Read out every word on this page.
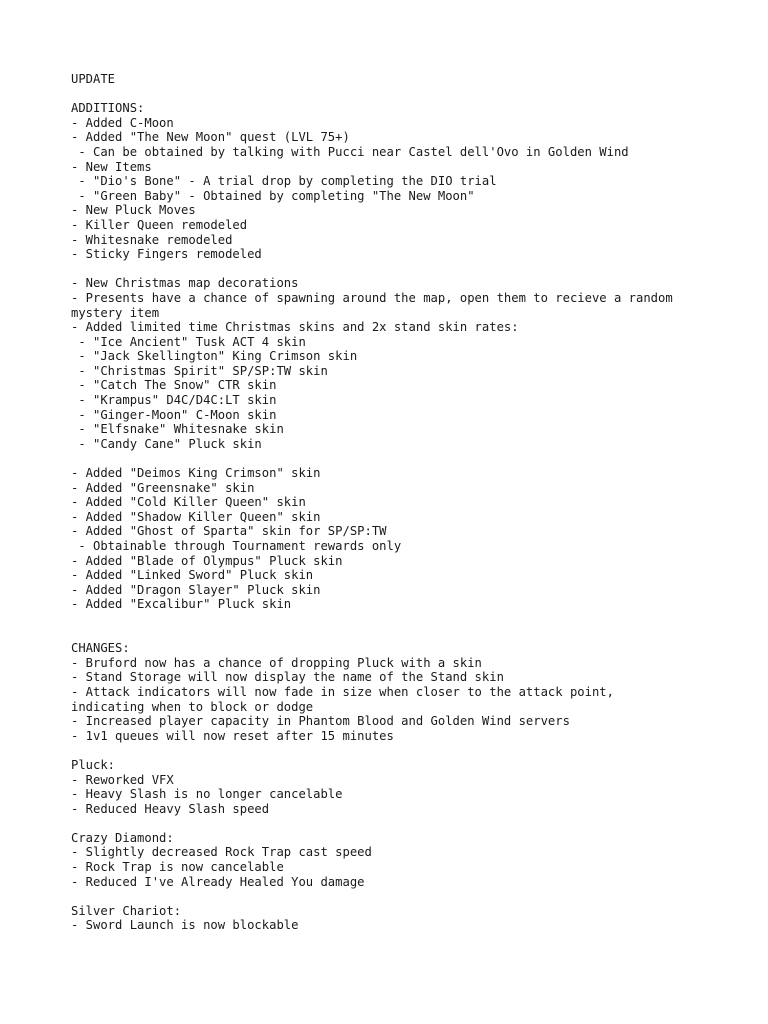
UPDATE
ADDITIONS:
- Added C-Moon
- Added "The New Moon" quest (LVL 75+)
- Can be obtained by talking with Pucci near Castel dell'Ovo in Golden Wind
- New Items
- "Dio's Bone" - A trial drop by completing the DIO trial
- "Green Baby" - Obtained by completing "The New Moon"
- New Pluck Moves
- Killer Queen remodeled
- Whitesnake remodeled
- Sticky Fingers remodeled
- New Christmas map decorations
- Presents have a chance of spawning around the map, open them to recieve a random
mystery item
- Added limited time Christmas skins and 2x stand skin rates:
- "Ice Ancient" Tusk ACT 4 skin
- "Jack Skellington" King Crimson skin
- "Christmas Spirit" SP/SP:TW skin
- "Catch The Snow" CTR skin
- "Krampus" D4C/D4C:LT skin
- "Ginger-Moon" C-Moon skin
- "Elfsnake" Whitesnake skin
- "Candy Cane" Pluck skin
- Added "Deimos King Crimson" skin
- Added "Greensnake" skin
- Added "Cold Killer Queen" skin
- Added "Shadow Killer Queen" skin
- Added "Ghost of Sparta" skin for SP/SP:TW
- Obtainable through Tournament rewards only
- Added "Blade of Olympus" Pluck skin
- Added "Linked Sword" Pluck skin
- Added "Dragon Slayer" Pluck skin
- Added "Excalibur" Pluck skin
CHANGES:
- Bruford now has a chance of dropping Pluck with a skin
- Stand Storage will now display the name of the Stand skin
- Attack indicators will now fade in size when closer to the attack point,
indicating when to block or dodge
- Increased player capacity in Phantom Blood and Golden Wind servers
- 1v1 queues will now reset after 15 minutes
Pluck:
- Reworked VFX
- Heavy Slash is no longer cancelable
- Reduced Heavy Slash speed
Crazy Diamond:
- Slightly decreased Rock Trap cast speed
- Rock Trap is now cancelable
- Reduced I've Already Healed You damage
Silver Chariot:
- Sword Launch is now blockable
